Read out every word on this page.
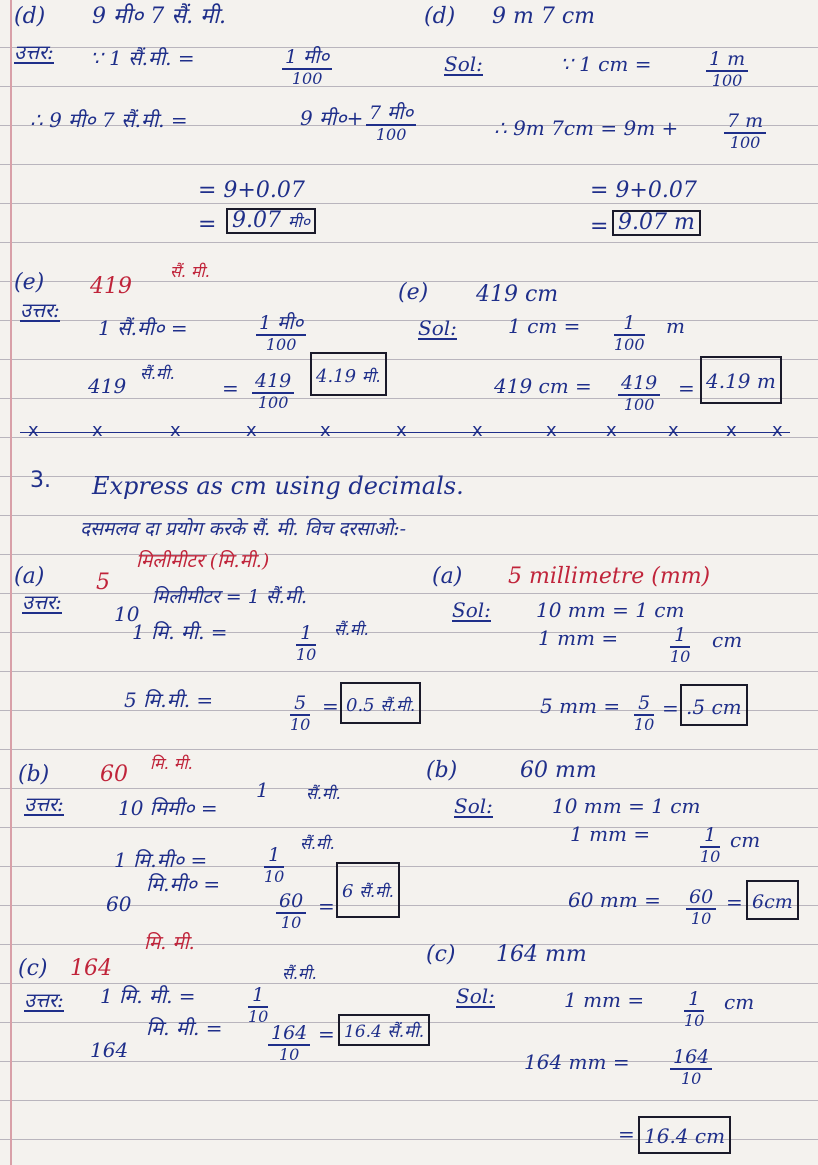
(d) 9 मी० 7 सैं. मी.
उत्तर: ∵ 1 सैं.मी. =	1 मी०
100
∴ 9 मी० 7 सैं.मी. =	9 मी०+ 7 मी०
100
= 9+0.07
= 9.07 मी०
(d) 9 m 7 cm
Sol:	∵ 1 cm =	1 m
100
∴ 9m 7cm = 9m +	7 m
100
= 9+0.07
= 9.07 m
(e) 419
सैं. मी.
उत्तर:
1 सैं.मी० =	1 मी०
100
419
सैं.मी.
= 419
100
4.19 मी.
(e) 419 cm
Sol:	1 cm =	1
100
m
419 cm = 419
100
= 4.19 m
x	x	x	x	x	x	x	x	x	x	x x
3. Express as cm using decimals.
दसमलव दा प्रयोग करके सैं. मी. विच दरसाओ:-
(a) 5
मिलीमीटर (मि.मी.)
उत्तर:	10
मिलीमीटर = 1 सैं.मी.
1 मि. मी. =	1
10
सैं.मी.
5 मि.मी. =	5
10
= 0.5 सैं.मी.
(a) 5 millimetre (mm)
Sol: 10 mm = 1 cm
1 mm =	1
10
cm
5 mm = 5
10
= .5 cm
(b) 60 मि. मी.
उत्तर:	10 मिमी० =
1 सैं.मी.
1 मि.मी० =	1
10
सैं.मी.
60
मि.मी० =
60
10
=
6 सैं.मी.
(b)	60 mm
Sol:	10 mm = 1 cm
1 mm =	1
10
cm
60 mm = 60
10
= 6cm
(c) 164
मि. मी.
उत्तर: 1 मि. मी. =	1
10
सैं.मी.
164
मि. मी. =	164
10
= 16.4 सैं.मी.
(c) 164 mm
Sol:	1 mm = 1
10
cm
164 mm = 164
10
= 16.4 cm
